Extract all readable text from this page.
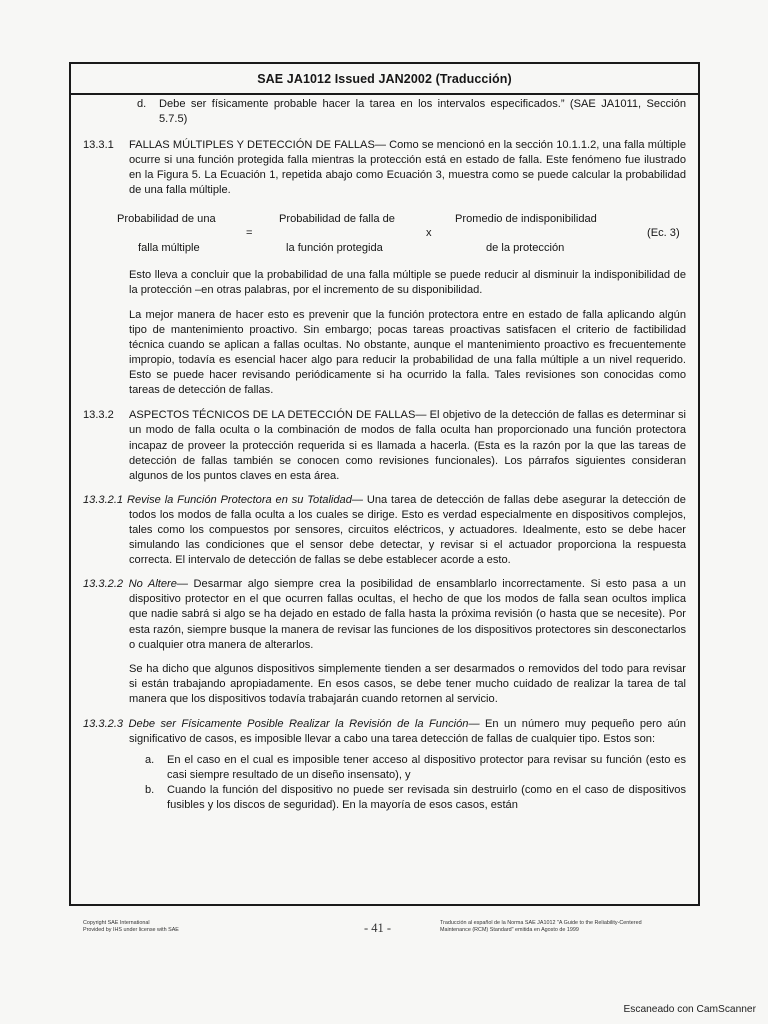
SAE JA1012 Issued JAN2002 (Traducción)
d.	Debe ser físicamente probable hacer la tarea en los intervalos especificados.” (SAE JA1011, Sección 5.7.5)
13.3.1	FALLAS MÚLTIPLES Y DETECCIÓN DE FALLAS— Como se mencionó en la sección 10.1.1.2, una falla múltiple ocurre si una función protegida falla mientras la protección está en estado de falla. Este fenómeno fue ilustrado en la Figura 5. La Ecuación 1, repetida abajo como Ecuación 3, muestra como se puede calcular la probabilidad de una falla múltiple.
Probabilidad de una
falla múltiple
=
Probabilidad de falla de
la función protegida
x
Promedio de indisponibilidad
de la protección
(Ec. 3)
Esto lleva a concluir que la probabilidad de una falla múltiple se puede reducir al disminuir la indisponibilidad de la protección –en otras palabras, por el incremento de su disponibilidad.
La mejor manera de hacer esto es prevenir que la función protectora entre en estado de falla aplicando algún tipo de mantenimiento proactivo. Sin embargo; pocas tareas proactivas satisfacen el criterio de factibilidad técnica cuando se aplican a fallas ocultas. No obstante, aunque el mantenimiento proactivo es frecuentemente impropio, todavía es esencial hacer algo para reducir la probabilidad de una falla múltiple a un nivel requerido. Esto se puede hacer revisando periódicamente si ha ocurrido la falla. Tales revisiones son conocidas como tareas de detección de fallas.
13.3.2	ASPECTOS TÉCNICOS DE LA DETECCIÓN DE FALLAS— El objetivo de la detección de fallas es determinar si un modo de falla oculta o la combinación de modos de falla oculta han proporcionado una función protectora incapaz de proveer la protección requerida si es llamada a hacerla. (Esta es la razón por la que las tareas de detección de fallas también se conocen como revisiones funcionales). Los párrafos siguientes consideran algunos de los puntos claves en esta área.
13.3.2.1 Revise la Función Protectora en su Totalidad— Una tarea de detección de fallas debe asegurar la detección de todos los modos de falla oculta a los cuales se dirige. Esto es verdad especialmente en dispositivos complejos, tales como los compuestos por sensores, circuitos eléctricos, y actuadores. Idealmente, esto se debe hacer simulando las condiciones que el sensor debe detectar, y revisar si el actuador proporciona la respuesta correcta. El intervalo de detección de fallas se debe establecer acorde a esto.
13.3.2.2 No Altere— Desarmar algo siempre crea la posibilidad de ensamblarlo incorrectamente. Si esto pasa a un dispositivo protector en el que ocurren fallas ocultas, el hecho de que los modos de falla sean ocultos implica que nadie sabrá si algo se ha dejado en estado de falla hasta la próxima revisión (o hasta que se necesite). Por esta razón, siempre busque la manera de revisar las funciones de los dispositivos protectores sin desconectarlos o cualquier otra manera de alterarlos.
Se ha dicho que algunos dispositivos simplemente tienden a ser desarmados o removidos del todo para revisar si están trabajando apropiadamente. En esos casos, se debe tener mucho cuidado de realizar la tarea de tal manera que los dispositivos todavía trabajarán cuando retornen al servicio.
13.3.2.3 Debe ser Físicamente Posible Realizar la Revisión de la Función— En un número muy pequeño pero aún significativo de casos, es imposible llevar a cabo una tarea detección de fallas de cualquier tipo. Estos son:
a.	En el caso en el cual es imposible tener acceso al dispositivo protector para revisar su función (esto es casi siempre resultado de un diseño insensato), y
b.	Cuando la función del dispositivo no puede ser revisada sin destruirlo (como en el caso de dispositivos fusibles y los discos de seguridad). En la mayoría de esos casos, están
Copyright SAE International
Provided by IHS under license with SAE	- 41 -	Traducción al español de la Norma SAE JA1012 "A Guide to the Reliability-Centered
Maintenance (RCM) Standard" emitida en Agosto de 1999
Escaneado con CamScanner
